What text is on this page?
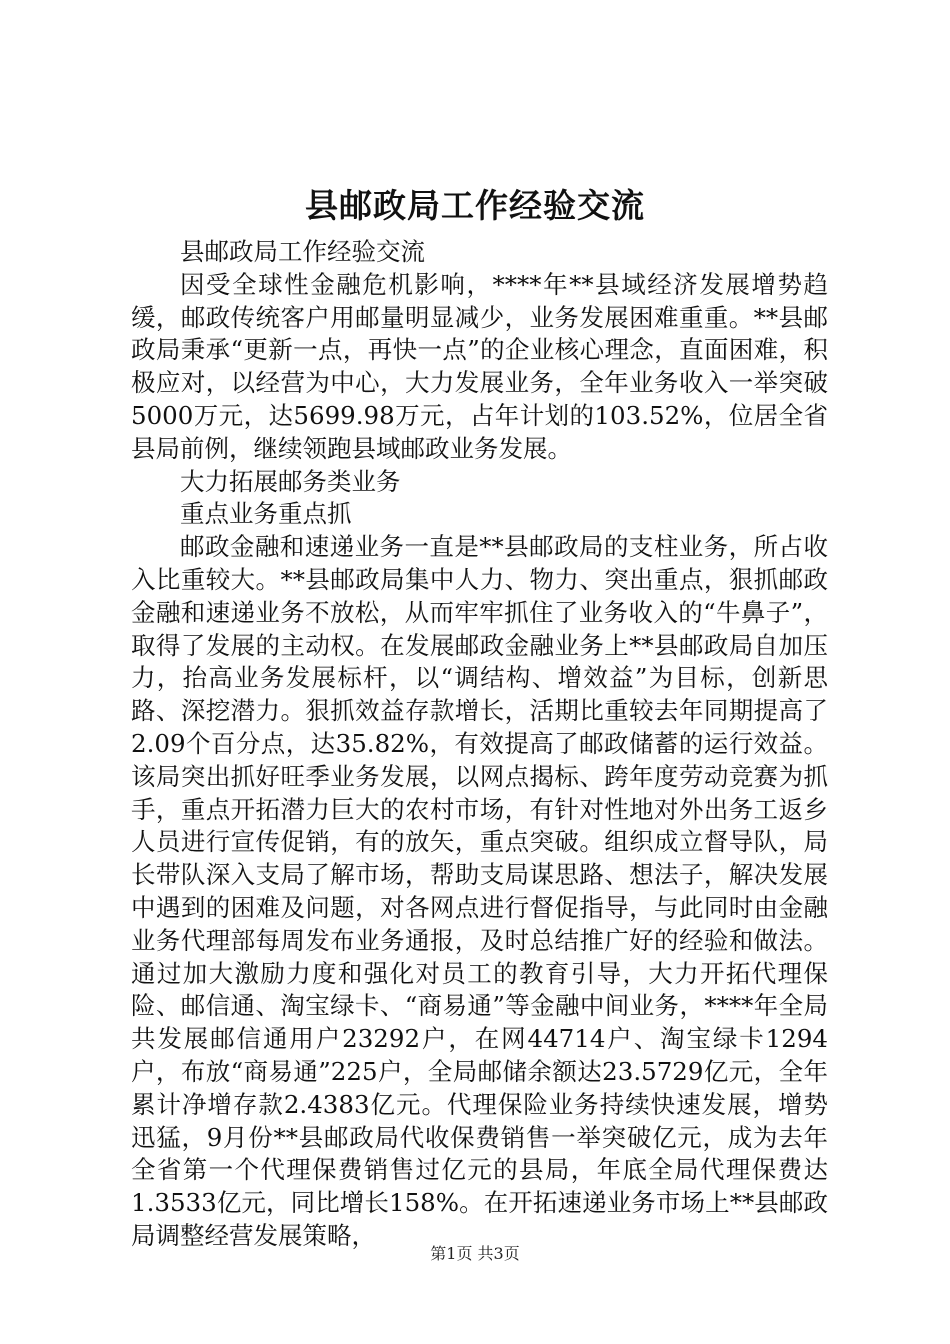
县邮政局工作经验交流

县邮政局工作经验交流

因受全球性金融危机影响，****年**县域经济发展增势趋缓，邮政传统客户用邮量明显减少，业务发展困难重重。**县邮政局秉承“更新一点，再快一点”的企业核心理念，直面困难，积极应对，以经营为中心，大力发展业务，全年业务收入一举突破5000万元，达5699.98万元，占年计划的103.52%，位居全省县局前例，继续领跑县域邮政业务发展。

大力拓展邮务类业务

重点业务重点抓

邮政金融和速递业务一直是**县邮政局的支柱业务，所占收入比重较大。**县邮政局集中人力、物力、突出重点，狠抓邮政金融和速递业务不放松，从而牢牢抓住了业务收入的“牛鼻子”，取得了发展的主动权。在发展邮政金融业务上**县邮政局自加压力，抬高业务发展标杆，以“调结构、增效益”为目标，创新思路、深挖潜力。狠抓效益存款增长，活期比重较去年同期提高了2.09个百分点，达35.82%，有效提高了邮政储蓄的运行效益。该局突出抓好旺季业务发展，以网点揭标、跨年度劳动竞赛为抓手，重点开拓潜力巨大的农村市场，有针对性地对外出务工返乡人员进行宣传促销，有的放矢，重点突破。组织成立督导队，局长带队深入支局了解市场，帮助支局谋思路、想法子，解决发展中遇到的困难及问题，对各网点进行督促指导，与此同时由金融业务代理部每周发布业务通报，及时总结推广好的经验和做法。通过加大激励力度和强化对员工的教育引导，大力开拓代理保险、邮信通、淘宝绿卡、“商易通”等金融中间业务，****年全局共发展邮信通用户23292户，在网44714户、淘宝绿卡1294户，布放“商易通”225户，全局邮储余额达23.5729亿元，全年累计净增存款2.4383亿元。代理保险业务持续快速发展，增势迅猛，9月份**县邮政局代收保费销售一举突破亿元，成为去年全省第一个代理保费销售过亿元的县局，年底全局代理保费达1.3533亿元，同比增长158%。在开拓速递业务市场上**县邮政局调整经营发展策略，

第1页 共3页
